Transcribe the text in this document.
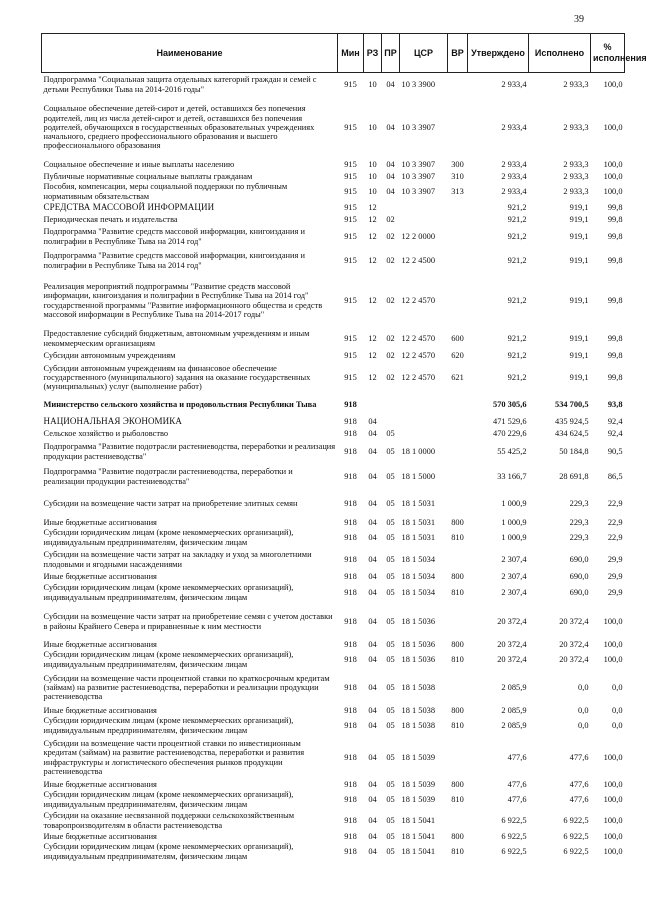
39
Наименование	Мин	РЗ	ПР	ЦСР	ВР	Утверждено	Исполнено	% исполнения
Подпрограмма "Социальная защита отдельных категорий граждан и семей с детьми Республики Тыва на 2014-2016 годы"	915	10	04	10 3 3900		2 933,4	2 933,3	100,0
Социальное обеспечение детей-сирот и детей, оставшихся без попечения родителей, лиц из числа детей-сирот и детей, оставшихся без попечения родителей, обучающихся в государственных образовательных учреждениях начального, среднего профессионального образования и высшего профессионального образования	915	10	04	10 3 3907		2 933,4	2 933,3	100,0
Социальное обеспечение и иные выплаты населению	915	10	04	10 3 3907	300	2 933,4	2 933,3	100,0
Публичные нормативные социальные выплаты гражданам	915	10	04	10 3 3907	310	2 933,4	2 933,3	100,0
Пособия, компенсации, меры социальной поддержки по публичным нормативным обязательствам	915	10	04	10 3 3907	313	2 933,4	2 933,3	100,0
СРЕДСТВА МАССОВОЙ ИНФОРМАЦИИ	915	12				921,2	919,1	99,8
Периодическая печать и издательства	915	12	02			921,2	919,1	99,8
Подпрограмма "Развитие средств массовой информации, книгоиздания и полиграфии в Республике Тыва на 2014 год"	915	12	02	12 2 0000		921,2	919,1	99,8
Подпрограмма "Развитие средств массовой информации, книгоиздания и полиграфии в Республике Тыва на 2014 год"	915	12	02	12 2 4500		921,2	919,1	99,8
Реализация мероприятий подпрограммы "Развитие средств массовой информации, книгоиздания и полиграфии в Республике Тыва на 2014 год" государственной программы "Развитие информационного общества и средств массовой информации в Республике Тыва на 2014-2017 годы"	915	12	02	12 2 4570		921,2	919,1	99,8
Предоставление субсидий бюджетным, автономным учреждениям и иным некоммерческим организациям	915	12	02	12 2 4570	600	921,2	919,1	99,8
Субсидии автономным учреждениям	915	12	02	12 2 4570	620	921,2	919,1	99,8
Субсидии автономным учреждениям на финансовое обеспечение государственного (муниципального) задания на оказание государственных (муниципальных) услуг (выполнение работ)	915	12	02	12 2 4570	621	921,2	919,1	99,8
Министерство сельского хозяйства и продовольствия Республики Тыва	918					570 305,6	534 700,5	93,8
НАЦИОНАЛЬНАЯ ЭКОНОМИКА	918	04				471 529,6	435 924,5	92,4
Сельское хозяйство и рыболовство	918	04	05			470 229,6	434 624,5	92,4
Подпрограмма "Развитие подотрасли растениеводства, переработки и реализация продукции растениеводства"	918	04	05	18 1 0000		55 425,2	50 184,8	90,5
Подпрограмма "Развитие подотрасли растениеводства, переработки и реализации продукции растениеводства"	918	04	05	18 1 5000		33 166,7	28 691,8	86,5
Субсидии на возмещение части затрат на приобретение элитных семян	918	04	05	18 1 5031		1 000,9	229,3	22,9
Иные бюджетные ассигнования	918	04	05	18 1 5031	800	1 000,9	229,3	22,9
Субсидии юридическим лицам (кроме некоммерческих организаций), индивидуальным предпринимателям, физическим лицам	918	04	05	18 1 5031	810	1 000,9	229,3	22,9
Субсидии на возмещение части затрат на закладку и уход за многолетними плодовыми и ягодными насаждениями	918	04	05	18 1 5034		2 307,4	690,0	29,9
Иные бюджетные ассигнования	918	04	05	18 1 5034	800	2 307,4	690,0	29,9
Субсидии юридическим лицам (кроме некоммерческих организаций), индивидуальным предпринимателям, физическим лицам	918	04	05	18 1 5034	810	2 307,4	690,0	29,9
Субсидии на возмещение части затрат на приобретение семян с учетом доставки в районы Крайнего Севера и приравненные к ним местности	918	04	05	18 1 5036		20 372,4	20 372,4	100,0
Иные бюджетные ассигнования	918	04	05	18 1 5036	800	20 372,4	20 372,4	100,0
Субсидии юридическим лицам (кроме некоммерческих организаций), индивидуальным предпринимателям, физическим лицам	918	04	05	18 1 5036	810	20 372,4	20 372,4	100,0
Субсидии на возмещение части процентной ставки по краткосрочным кредитам (займам) на развитие растениеводства, переработки и реализации продукции растениеводства	918	04	05	18 1 5038		2 085,9	0,0	0,0
Иные бюджетные ассигнования	918	04	05	18 1 5038	800	2 085,9	0,0	0,0
Субсидии юридическим лицам (кроме некоммерческих организаций), индивидуальным предпринимателям, физическим лицам	918	04	05	18 1 5038	810	2 085,9	0,0	0,0
Субсидии на возмещение части процентной ставки по инвестиционным кредитам (займам) на развитие растениеводства, переработки и развития инфраструктуры и логистического обеспечения рынков продукции растениеводства	918	04	05	18 1 5039		477,6	477,6	100,0
Иные бюджетные ассигнования	918	04	05	18 1 5039	800	477,6	477,6	100,0
Субсидии юридическим лицам (кроме некоммерческих организаций), индивидуальным предпринимателям, физическим лицам	918	04	05	18 1 5039	810	477,6	477,6	100,0
Субсидии на оказание несвязанной поддержки сельскохозяйственным товаропроизводителям в области растениеводства	918	04	05	18 1 5041		6 922,5	6 922,5	100,0
Иные бюджетные ассигнования	918	04	05	18 1 5041	800	6 922,5	6 922,5	100,0
Субсидии юридическим лицам (кроме некоммерческих организаций), индивидуальным предпринимателям, физическим лицам	918	04	05	18 1 5041	810	6 922,5	6 922,5	100,0
